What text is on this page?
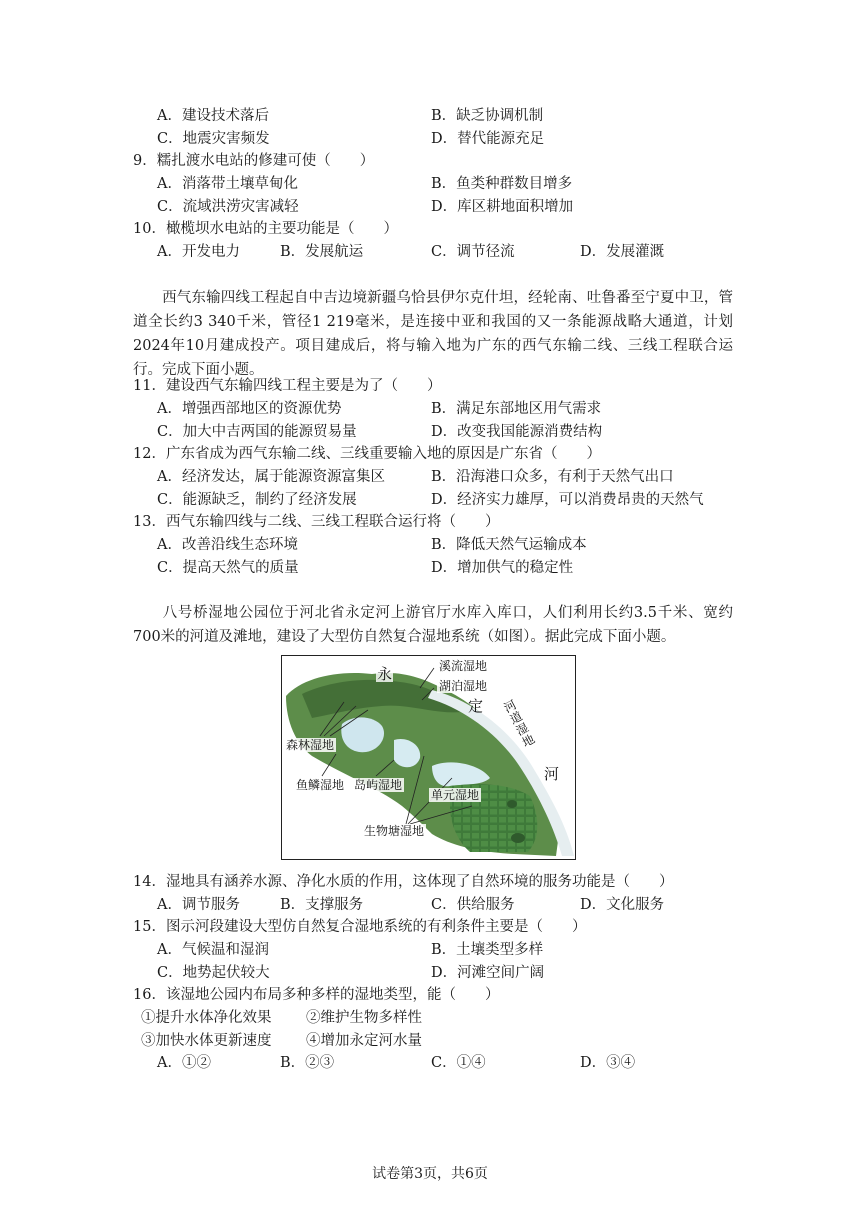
A．建设技术落后	B．缺乏协调机制
C．地震灾害频发	D．替代能源充足
9．糯扎渡水电站的修建可使（　　）
A．消落带土壤草甸化	B．鱼类种群数目增多
C．流域洪涝灾害减轻	D．库区耕地面积增加
10．橄榄坝水电站的主要功能是（　　）
A．开发电力	B．发展航运	C．调节径流	D．发展灌溉
西气东输四线工程起自中吉边境新疆乌恰县伊尔克什坦，经轮南、吐鲁番至宁夏中卫，管道全长约3 340千米，管径1 219毫米，是连接中亚和我国的又一条能源战略大通道，计划2024年10月建成投产。项目建成后，将与输入地为广东的西气东输二线、三线工程联合运行。完成下面小题。
11．建设西气东输四线工程主要是为了（　　）
A．增强西部地区的资源优势	B．满足东部地区用气需求
C．加大中吉两国的能源贸易量	D．改变我国能源消费结构
12．广东省成为西气东输二线、三线重要输入地的原因是广东省（　　）
A．经济发达，属于能源资源富集区	B．沿海港口众多，有利于天然气出口
C．能源缺乏，制约了经济发展	D．经济实力雄厚，可以消费昂贵的天然气
13．西气东输四线与二线、三线工程联合运行将（　　）
A．改善沿线生态环境	B．降低天然气运输成本
C．提高天然气的质量	D．增加供气的稳定性
八号桥湿地公园位于河北省永定河上游官厅水库入库口，人们利用长约3.5千米、宽约700米的河道及滩地，建设了大型仿自然复合湿地系统（如图）。据此完成下面小题。
溪流湿地
湖泊湿地
森林湿地
鱼鳞湿地 岛屿湿地
单元湿地
生物塘湿地
河道湿地
永
定
河
14．湿地具有涵养水源、净化水质的作用，这体现了自然环境的服务功能是（　　）
A．调节服务	B．支撑服务	C．供给服务	D．文化服务
15．图示河段建设大型仿自然复合湿地系统的有利条件主要是（　　）
A．气候温和湿润	B．土壤类型多样
C．地势起伏较大	D．河滩空间广阔
16．该湿地公园内布局多种多样的湿地类型，能（　　）
①提升水体净化效果 ②维护生物多样性
③加快水体更新速度 ④增加永定河水量
A．①②	B．②③	C．①④	D．③④
试卷第3页，共6页
